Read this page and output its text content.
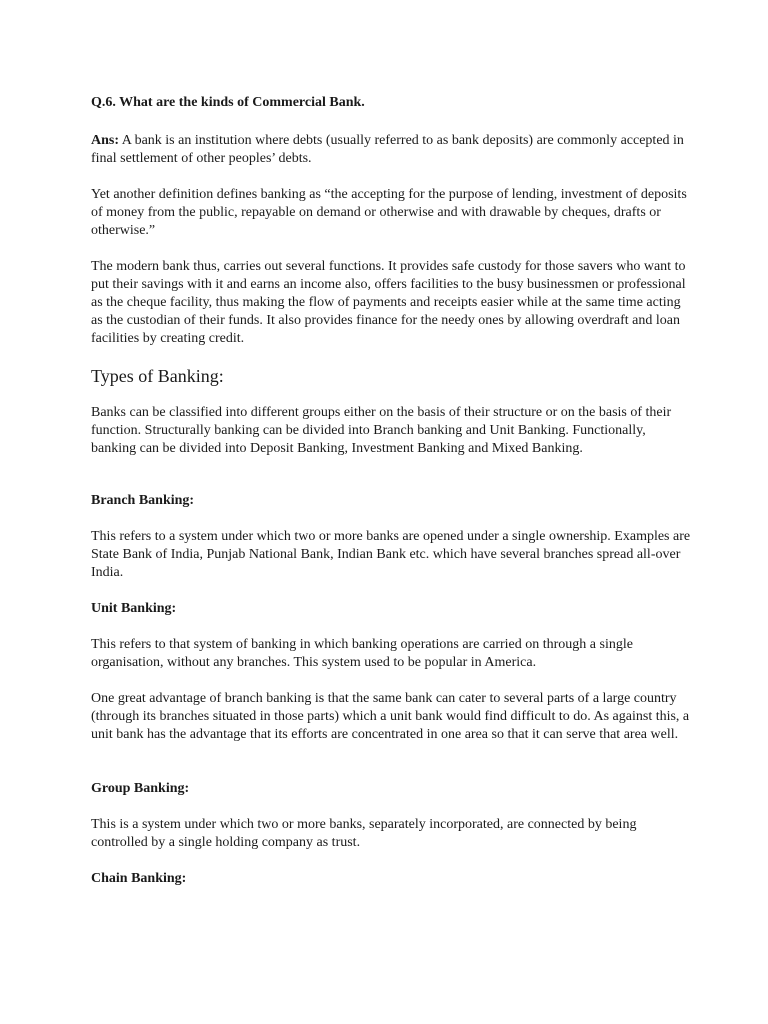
Q.6. What are the kinds of Commercial Bank.

Ans: A bank is an institution where debts (usually referred to as bank deposits) are commonly accepted in final settlement of other peoples’ debts.

Yet another definition defines banking as “the accepting for the purpose of lending, investment of deposits of money from the public, repayable on demand or otherwise and with drawable by cheques, drafts or otherwise.”

The modern bank thus, carries out several functions. It provides safe custody for those savers who want to put their savings with it and earns an income also, offers facilities to the busy businessmen or professional as the cheque facility, thus making the flow of payments and receipts easier while at the same time acting as the custodian of their funds. It also provides finance for the needy ones by allowing overdraft and loan facilities by creating credit.

Types of Banking:

Banks can be classified into different groups either on the basis of their structure or on the basis of their function. Structurally banking can be divided into Branch banking and Unit Banking. Functionally, banking can be divided into Deposit Banking, Investment Banking and Mixed Banking.

Branch Banking:

This refers to a system under which two or more banks are opened under a single ownership. Examples are State Bank of India, Punjab National Bank, Indian Bank etc. which have several branches spread all-over India.

Unit Banking:

This refers to that system of banking in which banking operations are carried on through a single organisation, without any branches. This system used to be popular in America.

One great advantage of branch banking is that the same bank can cater to several parts of a large country (through its branches situated in those parts) which a unit bank would find difficult to do. As against this, a unit bank has the advantage that its efforts are concentrated in one area so that it can serve that area well.

Group Banking:

This is a system under which two or more banks, separately incorporated, are connected by being controlled by a single holding company as trust.

Chain Banking:
